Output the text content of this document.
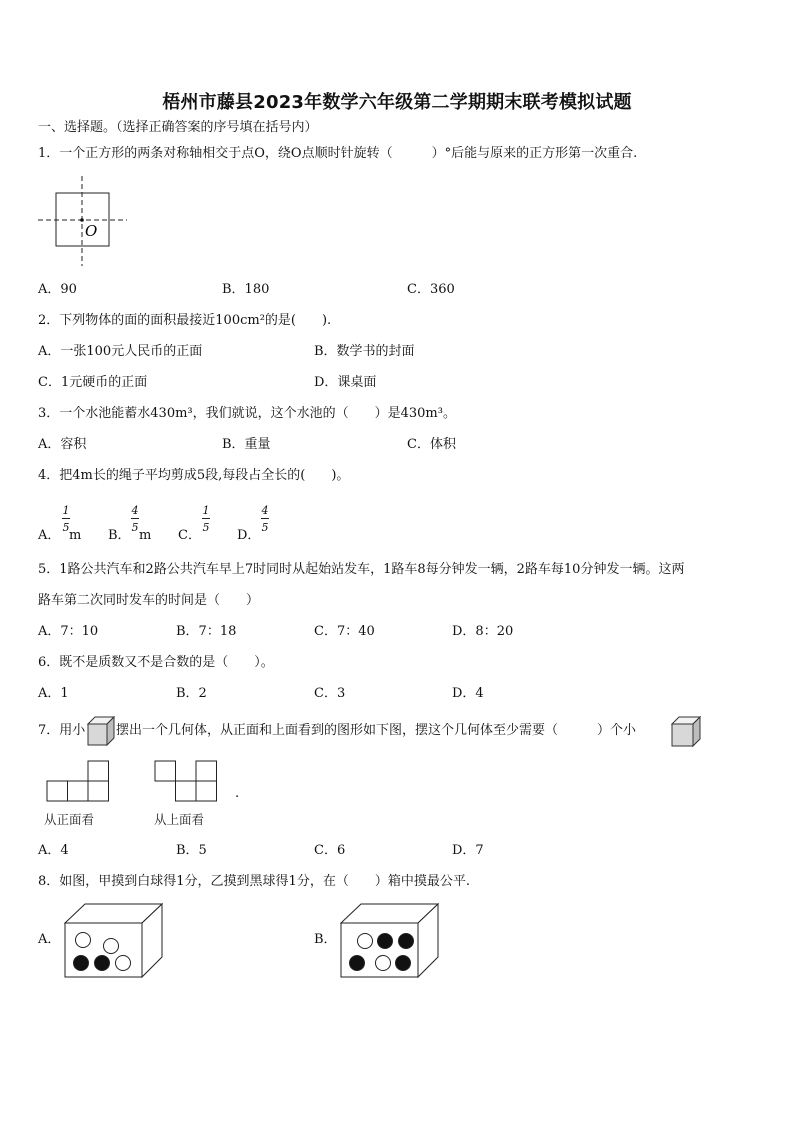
梧州市藤县2023年数学六年级第二学期期末联考模拟试题
一、选择题。（选择正确答案的序号填在括号内）
1．一个正方形的两条对称轴相交于点O，绕O点顺时针旋转（　　　）°后能与原来的正方形第一次重合.
O
A．90	B．180	C．360
2．下列物体的面的面积最接近100cm²的是(　　).
A．一张100元人民币的正面	B．数学书的封面
C．1元硬币的正面	D．课桌面
3．一个水池能蓄水430m³，我们就说，这个水池的（　　）是430m³。
A．容积	B．重量	C．体积
4．把4m长的绳子平均剪成5段,每段占全长的(　　)。
A．
1
5
m B．
4
5
m C．
1
5
D．
4
5
5．1路公共汽车和2路公共汽车早上7时同时从起始站发车，1路车8每分钟发一辆，2路车每10分钟发一辆。这两
路车第二次同时发车的时间是（　　）
A．7：10	B．7：18	C．7：40	D．8：20
6．既不是质数又不是合数的是（　　）。
A．1	B．2	C．3	D．4
7．用小 摆出一个几何体，从正面和上面看到的图形如下图，摆这个几何体至少需要（　　　）个小
从正面看	从上面看
.
A．4	B．5	C．6	D．7
8．如图，甲摸到白球得1分，乙摸到黑球得1分，在（　　）箱中摸最公平.
A．	B．
